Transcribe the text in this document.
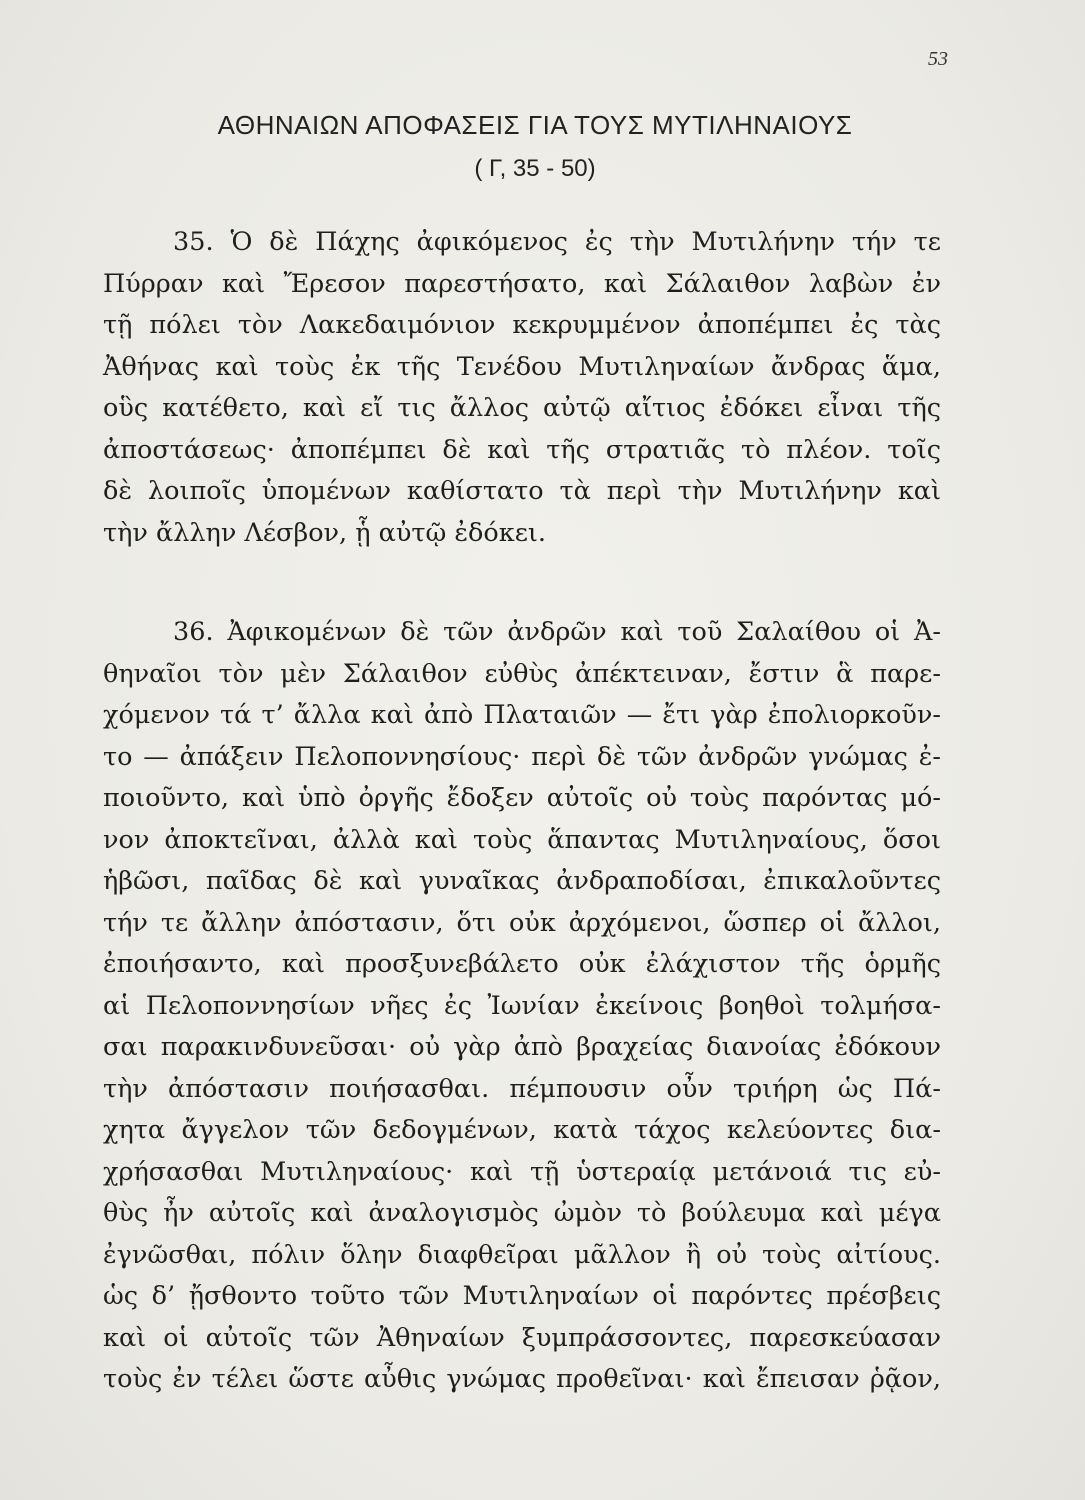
53
ΑΘΗΝΑΙΩΝ ΑΠΟΦΑΣΕΙΣ ΓΙΑ ΤΟΥΣ ΜΥΤΙΛΗΝΑΙΟΥΣ
( Γ, 35 - 50)
35. Ὁ δὲ Πάχης ἀφικόμενος ἐς τὴν Μυτιλήνην τήν τε
Πύρραν καὶ Ἔρεσον παρεστήσατο, καὶ Σάλαιθον λαβὼν ἐν
τῇ πόλει τὸν Λακεδαιμόνιον κεκρυμμένον ἀποπέμπει ἐς τὰς
Ἀθήνας καὶ τοὺς ἐκ τῆς Τενέδου Μυτιληναίων ἄνδρας ἅμα,
οὓς κατέθετο, καὶ εἴ τις ἄλλος αὐτῷ αἴτιος ἐδόκει εἶναι τῆς
ἀποστάσεως· ἀποπέμπει δὲ καὶ τῆς στρατιᾶς τὸ πλέον. τοῖς
δὲ λοιποῖς ὑπομένων καθίστατο τὰ περὶ τὴν Μυτιλήνην καὶ
τὴν ἄλλην Λέσβον, ᾗ αὐτῷ ἐδόκει.
36. Ἀφικομένων δὲ τῶν ἀνδρῶν καὶ τοῦ Σαλαίθου οἱ Ἀ-
θηναῖοι τὸν μὲν Σάλαιθον εὐθὺς ἀπέκτειναν, ἔστιν ἃ παρε-
χόμενον τά τ’ ἄλλα καὶ ἀπὸ Πλαταιῶν — ἔτι γὰρ ἐπολιορκοῦν-
το — ἀπάξειν Πελοποννησίους· περὶ δὲ τῶν ἀνδρῶν γνώμας ἐ-
ποιοῦντο, καὶ ὑπὸ ὀργῆς ἔδοξεν αὐτοῖς οὐ τοὺς παρόντας μό-
νον ἀποκτεῖναι, ἀλλὰ καὶ τοὺς ἅπαντας Μυτιληναίους, ὅσοι
ἡβῶσι, παῖδας δὲ καὶ γυναῖκας ἀνδραποδίσαι, ἐπικαλοῦντες
τήν τε ἄλλην ἀπόστασιν, ὅτι οὐκ ἀρχόμενοι, ὥσπερ οἱ ἄλλοι,
ἐποιήσαντο, καὶ προσξυνεβάλετο οὐκ ἐλάχιστον τῆς ὁρμῆς
αἱ Πελοποννησίων νῆες ἐς Ἰωνίαν ἐκείνοις βοηθοὶ τολμήσα-
σαι παρακινδυνεῦσαι· οὐ γὰρ ἀπὸ βραχείας διανοίας ἐδόκουν
τὴν ἀπόστασιν ποιήσασθαι. πέμπουσιν οὖν τριήρη ὡς Πά-
χητα ἄγγελον τῶν δεδογμένων, κατὰ τάχος κελεύοντες δια-
χρήσασθαι Μυτιληναίους· καὶ τῇ ὑστεραίᾳ μετάνοιά τις εὐ-
θὺς ἦν αὐτοῖς καὶ ἀναλογισμὸς ὠμὸν τὸ βούλευμα καὶ μέγα
ἐγνῶσθαι, πόλιν ὅλην διαφθεῖραι μᾶλλον ἢ οὐ τοὺς αἰτίους.
ὡς δ’ ᾔσθοντο τοῦτο τῶν Μυτιληναίων οἱ παρόντες πρέσβεις
καὶ οἱ αὐτοῖς τῶν Ἀθηναίων ξυμπράσσοντες, παρεσκεύασαν
τοὺς ἐν τέλει ὥστε αὖθις γνώμας προθεῖναι· καὶ ἔπεισαν ῥᾷον,
